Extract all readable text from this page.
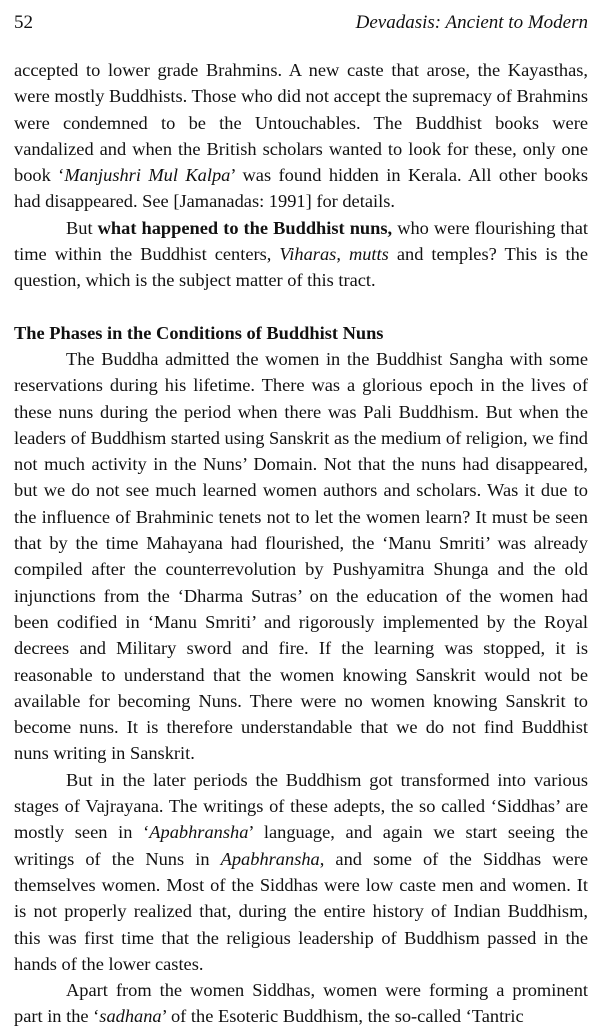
52	Devadasis: Ancient to Modern

accepted to lower grade Brahmins. A new caste that arose, the Kayasthas, were mostly Buddhists. Those who did not accept the supremacy of Brahmins were condemned to be the Untouchables. The Buddhist books were vandalized and when the British scholars wanted to look for these, only one book ‘Manjushri Mul Kalpa’ was found hidden in Kerala. All other books had disappeared. See [Jamanadas: 1991] for details.

But what happened to the Buddhist nuns, who were flourishing that time within the Buddhist centers, Viharas, mutts and temples? This is the question, which is the subject matter of this tract.

The Phases in the Conditions of Buddhist Nuns

The Buddha admitted the women in the Buddhist Sangha with some reservations during his lifetime. There was a glorious epoch in the lives of these nuns during the period when there was Pali Buddhism. But when the leaders of Buddhism started using Sanskrit as the medium of religion, we find not much activity in the Nuns’ Domain. Not that the nuns had disappeared, but we do not see much learned women authors and scholars. Was it due to the influence of Brahminic tenets not to let the women learn? It must be seen that by the time Mahayana had flourished, the ‘Manu Smriti’ was already compiled after the counterrevolution by Pushyamitra Shunga and the old injunctions from the ‘Dharma Sutras’ on the education of the women had been codified in ‘Manu Smriti’ and rigorously implemented by the Royal decrees and Military sword and fire. If the learning was stopped, it is reasonable to understand that the women knowing Sanskrit would not be available for becoming Nuns. There were no women knowing Sanskrit to become nuns. It is therefore understandable that we do not find Buddhist nuns writing in Sanskrit.

But in the later periods the Buddhism got transformed into various stages of Vajrayana. The writings of these adepts, the so called ‘Siddhas’ are mostly seen in ‘Apabhransha’ language, and again we start seeing the writings of the Nuns in Apabhransha, and some of the Siddhas were themselves women. Most of the Siddhas were low caste men and women. It is not properly realized that, during the entire history of Indian Buddhism, this was first time that the religious leadership of Buddhism passed in the hands of the lower castes.

Apart from the women Siddhas, women were forming a prominent part in the ‘sadhana’ of the Esoteric Buddhism, the so-called ‘Tantric
